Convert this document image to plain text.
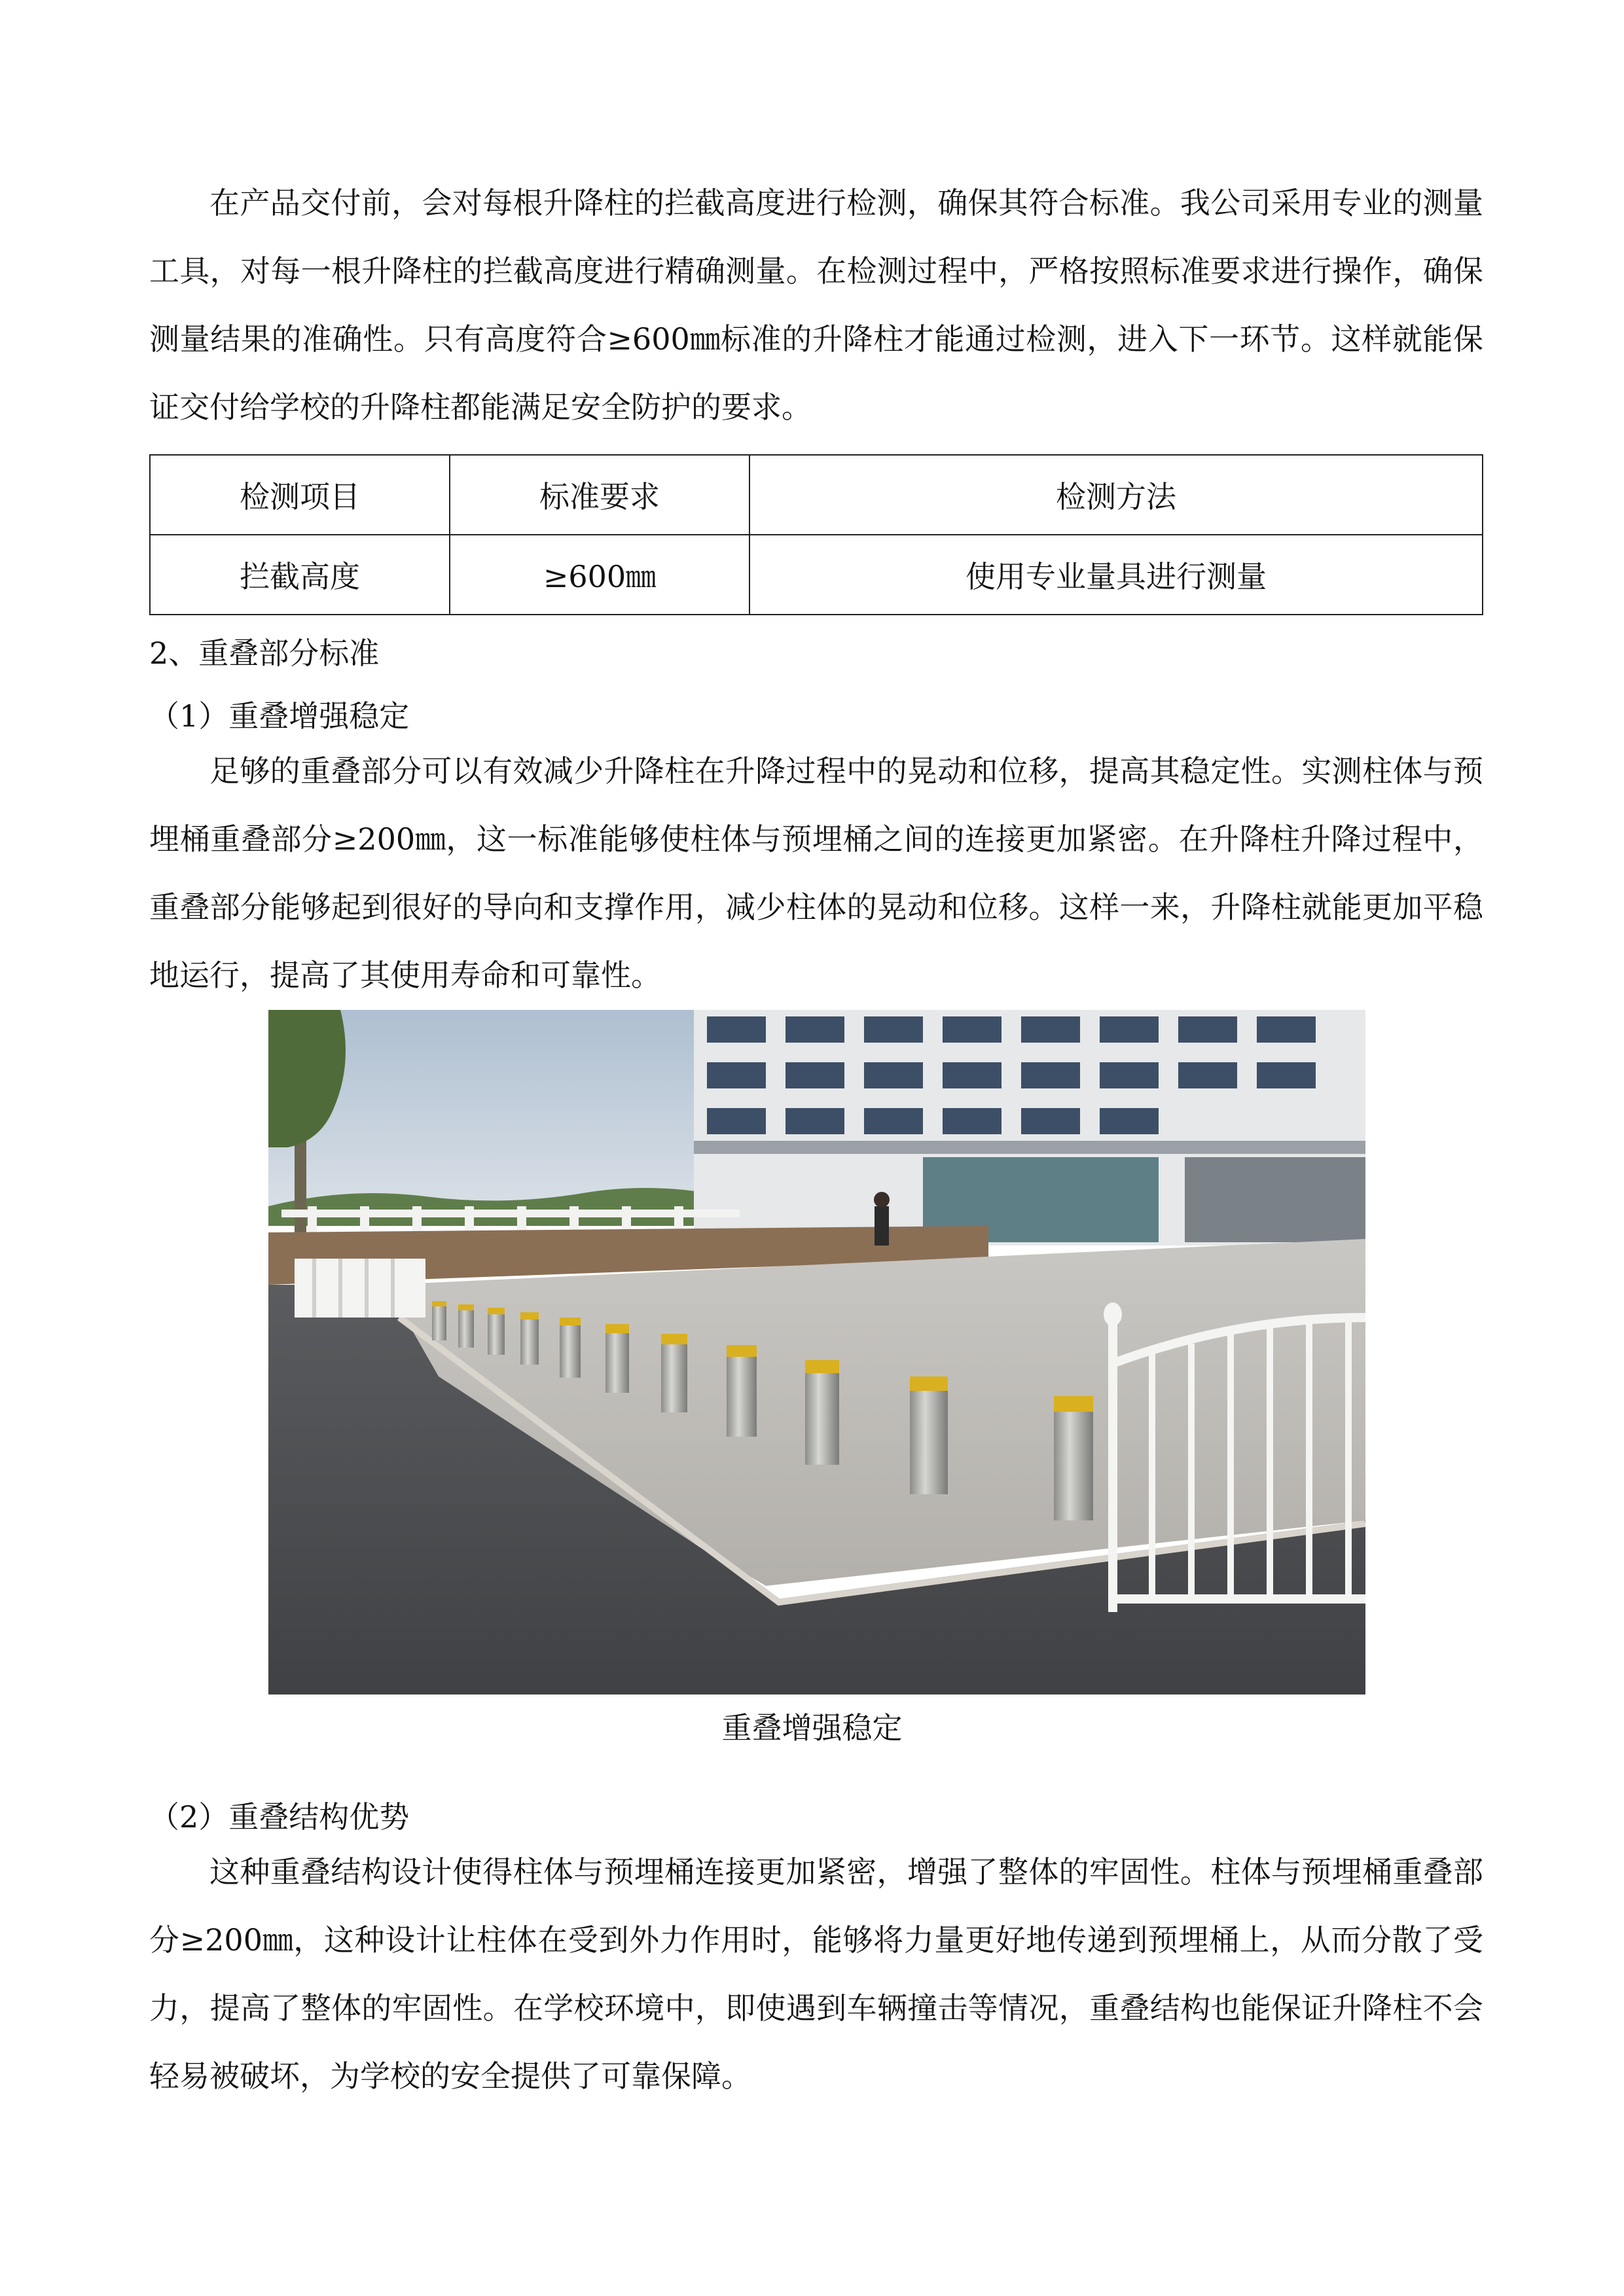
在产品交付前，会对每根升降柱的拦截高度进行检测，确保其符合标准。我公司采用专业的测量工具，对每一根升降柱的拦截高度进行精确测量。在检测过程中，严格按照标准要求进行操作，确保测量结果的准确性。只有高度符合≥600㎜标准的升降柱才能通过检测，进入下一环节。这样就能保证交付给学校的升降柱都能满足安全防护的要求。

检测项目	标准要求	检测方法
拦截高度	≥600㎜	使用专业量具进行测量

2、重叠部分标准

（1）重叠增强稳定

足够的重叠部分可以有效减少升降柱在升降过程中的晃动和位移，提高其稳定性。实测柱体与预埋桶重叠部分≥200㎜，这一标准能够使柱体与预埋桶之间的连接更加紧密。在升降柱升降过程中，重叠部分能够起到很好的导向和支撑作用，减少柱体的晃动和位移。这样一来，升降柱就能更加平稳地运行，提高了其使用寿命和可靠性。

重叠增强稳定

（2）重叠结构优势

这种重叠结构设计使得柱体与预埋桶连接更加紧密，增强了整体的牢固性。柱体与预埋桶重叠部分≥200㎜，这种设计让柱体在受到外力作用时，能够将力量更好地传递到预埋桶上，从而分散了受力，提高了整体的牢固性。在学校环境中，即使遇到车辆撞击等情况，重叠结构也能保证升降柱不会轻易被破坏，为学校的安全提供了可靠保障。
